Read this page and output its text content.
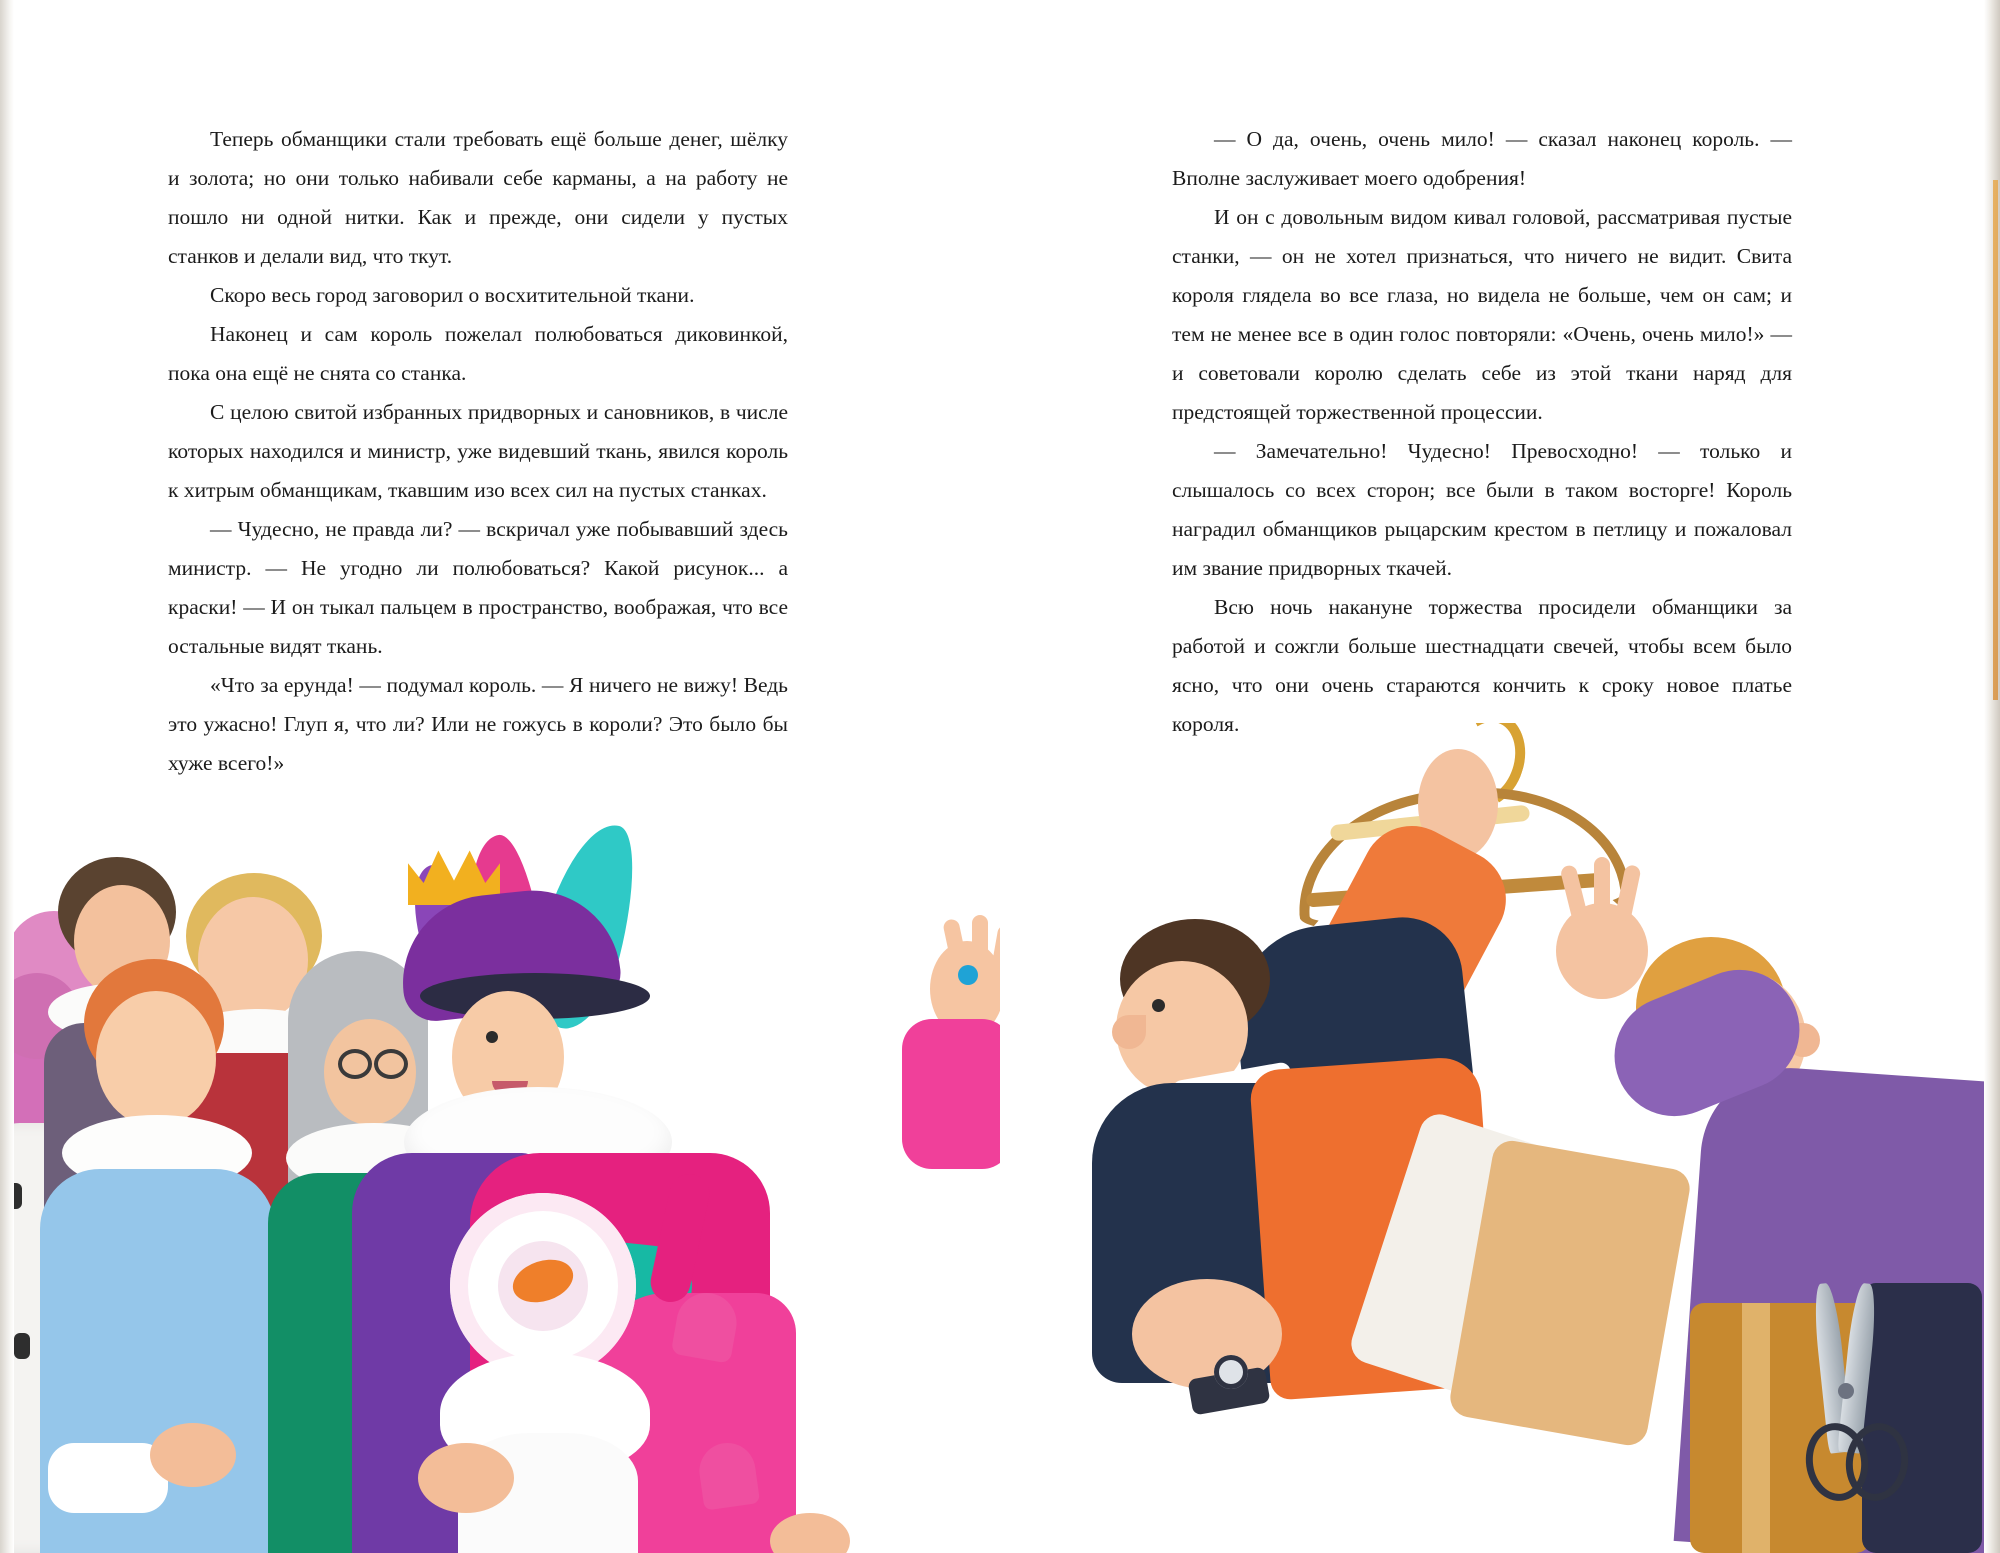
Теперь обманщики стали требовать ещё больше денег, шёлку и золота; но они только набивали себе карманы, а на работу не пошло ни одной нитки. Как и прежде, они сидели у пустых станков и делали вид, что ткут.

Скоро весь город заговорил о восхитительной ткани.

Наконец и сам король пожелал полюбоваться диковинкой, пока она ещё не снята со станка.

С целою свитой избранных придворных и сановников, в числе которых находился и министр, уже видевший ткань, явился король к хитрым обманщикам, ткавшим изо всех сил на пустых станках.

— Чудесно, не правда ли? — вскричал уже побывавший здесь министр. — Не угодно ли полюбоваться? Какой рисунок... а краски! — И он тыкал пальцем в пространство, воображая, что все остальные видят ткань.

«Что за ерунда! — подумал король. — Я ничего не вижу! Ведь это ужасно! Глуп я, что ли? Или не гожусь в короли? Это было бы хуже всего!»

— О да, очень, очень мило! — сказал наконец король. — Вполне заслуживает моего одобрения!

И он с довольным видом кивал головой, рассматривая пустые станки, — он не хотел признаться, что ничего не видит. Свита короля глядела во все глаза, но видела не больше, чем он сам; и тем не менее все в один голос повторяли: «Очень, очень мило!» — и советовали королю сделать себе из этой ткани наряд для предстоящей торжественной процессии.

— Замечательно! Чудесно! Превосходно! — только и слышалось со всех сторон; все были в таком восторге! Король наградил обманщиков рыцарским крестом в петлицу и пожаловал им звание придворных ткачей.

Всю ночь накануне торжества просидели обманщики за работой и сожгли больше шестнадцати свечей, чтобы всем было ясно, что они очень стараются кончить к сроку новое платье короля.
